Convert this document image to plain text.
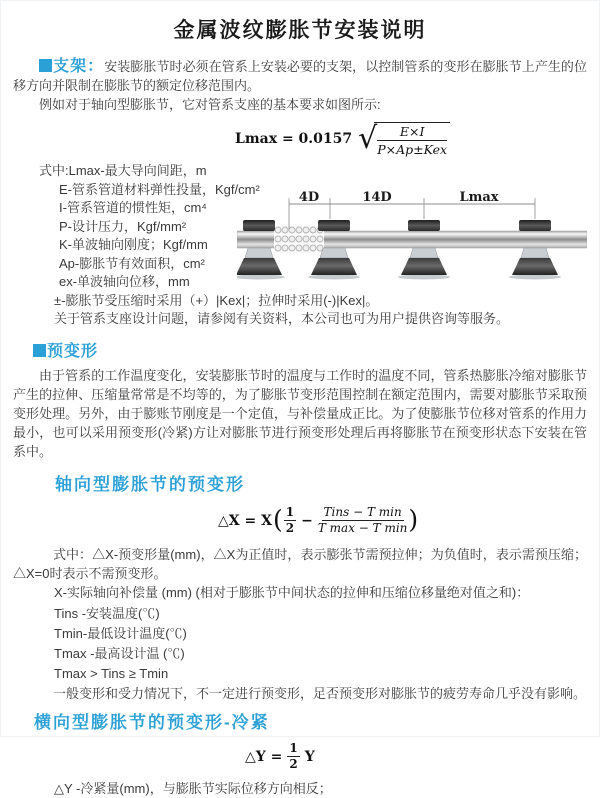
金属波纹膨胀节安装说明

支架：安装膨胀节时必须在管系上安装必要的支架，以控制管系的变形在膨胀节上产生的位移方向并限制在膨胀节的额定位移范围内。

例如对于轴向型膨胀节，它对管系支座的基本要求如图所示:

Lmax = 0.0157 √
$\frac{E\times I}{\text{P×Ap±Kex}}$
式中:Lmax-最大导向间距，m
E-管系管道材料弹性投量，Kgf/cm²
I-管系管道的惯性矩，cm⁴
P-设计压力，Kgf/mm²
K-单波轴向刚度；Kgf/mm
Ap-膨胀节有效面积，cm²
ex-单波轴向位移，mm
±-膨胀节受压缩时采用（+）|Kex|；拉伸时采用(-)|Kex|。
关于管系支座设计问题，请参阅有关资料，本公司也可为用户提供咨询等服务。
4D	14D	Lmax
预变形

由于管系的工作温度变化，安装膨胀节时的温度与工作时的温度不同，管系热膨胀冷缩对膨胀节产生的拉伸、压缩量常常是不均等的，为了膨胀节变形范围控制在额定范围内，需要对膨胀节采取预变形处理。另外，由于膨账节刚度是一个定值，与补偿量成正比。为了使膨胀节位移对管系的作用力最小，也可以采用预变形(冷紧)方让对膨胀节进行预变形处理后再将膨胀节在预变形状态下安装在管系中。

轴向型膨胀节的预变形
△X = X ( $\frac{1}{2} - \frac{\text{Tins − T min}}{\text{T max − T min}}$ )

式中：△X-预变形量(mm)，△X为正值时，表示膨张节需预拉伸；为负值时，表示需预压缩；△X=0时表示不需预变形。

X-实际轴向补偿量 (mm) (相对于膨胀节中间状态的拉伸和压缩位移量绝对值之和)：

Tins -安装温度(℃)
Tmin-最低设计温度(℃)
Tmax -最高设计温 (℃)
Tmax > Tins ≥ Tmin

一般变形和受力情况下，不一定进行预变形，足否预变形对膨胀节的疲劳寿命几乎没有影响。

横向型膨胀节的预变形-冷紧
△Y = $\frac{1}{2}$ Y

△Y -冷紧量(mm)，与膨胀节实际位移方向相反；
